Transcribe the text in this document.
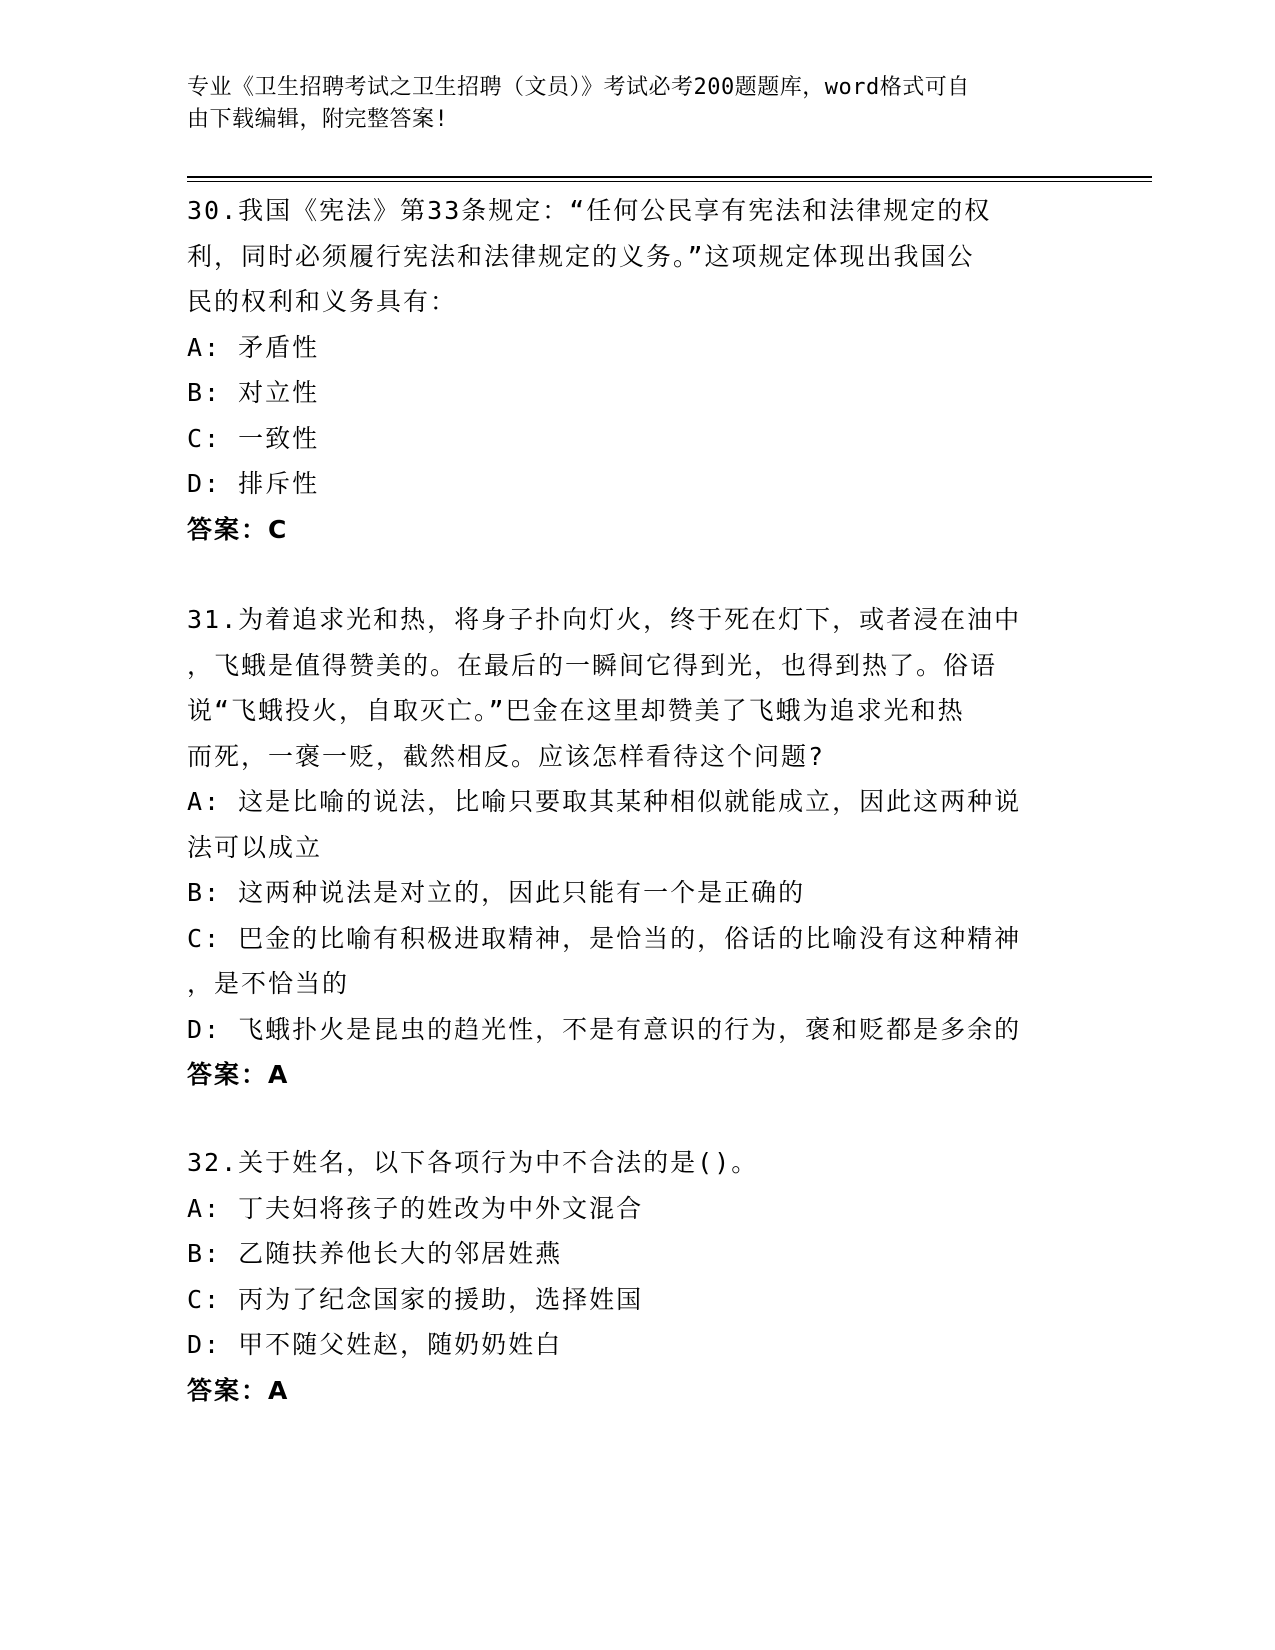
专业《卫生招聘考试之卫生招聘（文员）》考试必考200题题库，word格式可自
由下载编辑，附完整答案!
30.我国《宪法》第33条规定：“任何公民享有宪法和法律规定的权
利，同时必须履行宪法和法律规定的义务。”这项规定体现出我国公
民的权利和义务具有：
A: 矛盾性
B: 对立性
C: 一致性
D: 排斥性
答案：C
31.为着追求光和热，将身子扑向灯火，终于死在灯下，或者浸在油中
，飞蛾是值得赞美的。在最后的一瞬间它得到光，也得到热了。俗语
说“飞蛾投火，自取灭亡。”巴金在这里却赞美了飞蛾为追求光和热
而死，一褒一贬，截然相反。应该怎样看待这个问题?
A: 这是比喻的说法，比喻只要取其某种相似就能成立，因此这两种说
法可以成立
B: 这两种说法是对立的，因此只能有一个是正确的
C: 巴金的比喻有积极进取精神，是恰当的，俗话的比喻没有这种精神
，是不恰当的
D: 飞蛾扑火是昆虫的趋光性，不是有意识的行为，褒和贬都是多余的
答案：A
32.关于姓名，以下各项行为中不合法的是()。
A: 丁夫妇将孩子的姓改为中外文混合
B: 乙随扶养他长大的邻居姓燕
C: 丙为了纪念国家的援助，选择姓国
D: 甲不随父姓赵，随奶奶姓白
答案：A
